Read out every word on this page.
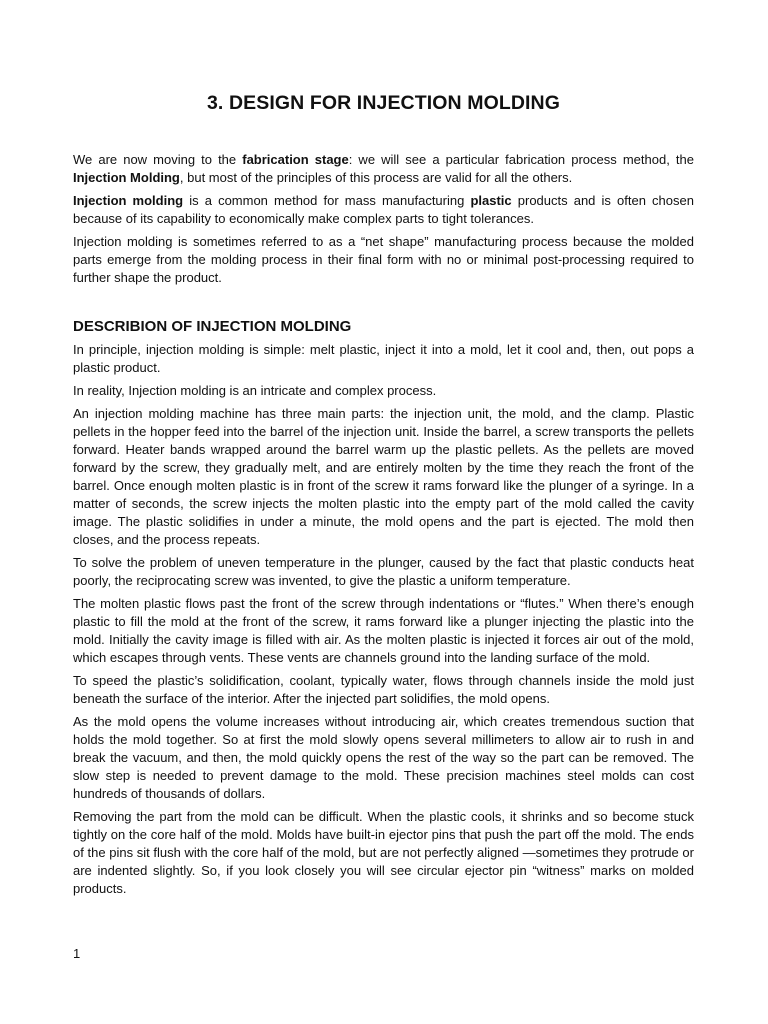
3. DESIGN FOR INJECTION MOLDING

We are now moving to the fabrication stage: we will see a particular fabrication process method, the Injection Molding, but most of the principles of this process are valid for all the others.

Injection molding is a common method for mass manufacturing plastic products and is often chosen because of its capability to economically make complex parts to tight tolerances.

Injection molding is sometimes referred to as a “net shape” manufacturing process because the molded parts emerge from the molding process in their final form with no or minimal post-processing required to further shape the product.

DESCRIBION OF INJECTION MOLDING

In principle, injection molding is simple: melt plastic, inject it into a mold, let it cool and, then, out pops a plastic product.

In reality, Injection molding is an intricate and complex process.

An injection molding machine has three main parts: the injection unit, the mold, and the clamp. Plastic pellets in the hopper feed into the barrel of the injection unit. Inside the barrel, a screw transports the pellets forward. Heater bands wrapped around the barrel warm up the plastic pellets. As the pellets are moved forward by the screw, they gradually melt, and are entirely molten by the time they reach the front of the barrel. Once enough molten plastic is in front of the screw it rams forward like the plunger of a syringe. In a matter of seconds, the screw injects the molten plastic into the empty part of the mold called the cavity image. The plastic solidifies in under a minute, the mold opens and the part is ejected. The mold then closes, and the process repeats.

To solve the problem of uneven temperature in the plunger, caused by the fact that plastic conducts heat poorly, the reciprocating screw was invented, to give the plastic a uniform temperature.

The molten plastic flows past the front of the screw through indentations or “flutes.” When there’s enough plastic to fill the mold at the front of the screw, it rams forward like a plunger injecting the plastic into the mold. Initially the cavity image is filled with air. As the molten plastic is injected it forces air out of the mold, which escapes through vents. These vents are channels ground into the landing surface of the mold.

To speed the plastic’s solidification, coolant, typically water, flows through channels inside the mold just beneath the surface of the interior. After the injected part solidifies, the mold opens.

As the mold opens the volume increases without introducing air, which creates tremendous suction that holds the mold together. So at first the mold slowly opens several millimeters to allow air to rush in and break the vacuum, and then, the mold quickly opens the rest of the way so the part can be removed. The slow step is needed to prevent damage to the mold. These precision machines steel molds can cost hundreds of thousands of dollars.

Removing the part from the mold can be difficult. When the plastic cools, it shrinks and so become stuck tightly on the core half of the mold. Molds have built-in ejector pins that push the part off the mold. The ends of the pins sit flush with the core half of the mold, but are not perfectly aligned —sometimes they protrude or are indented slightly. So, if you look closely you will see circular ejector pin “witness” marks on molded products.

1
